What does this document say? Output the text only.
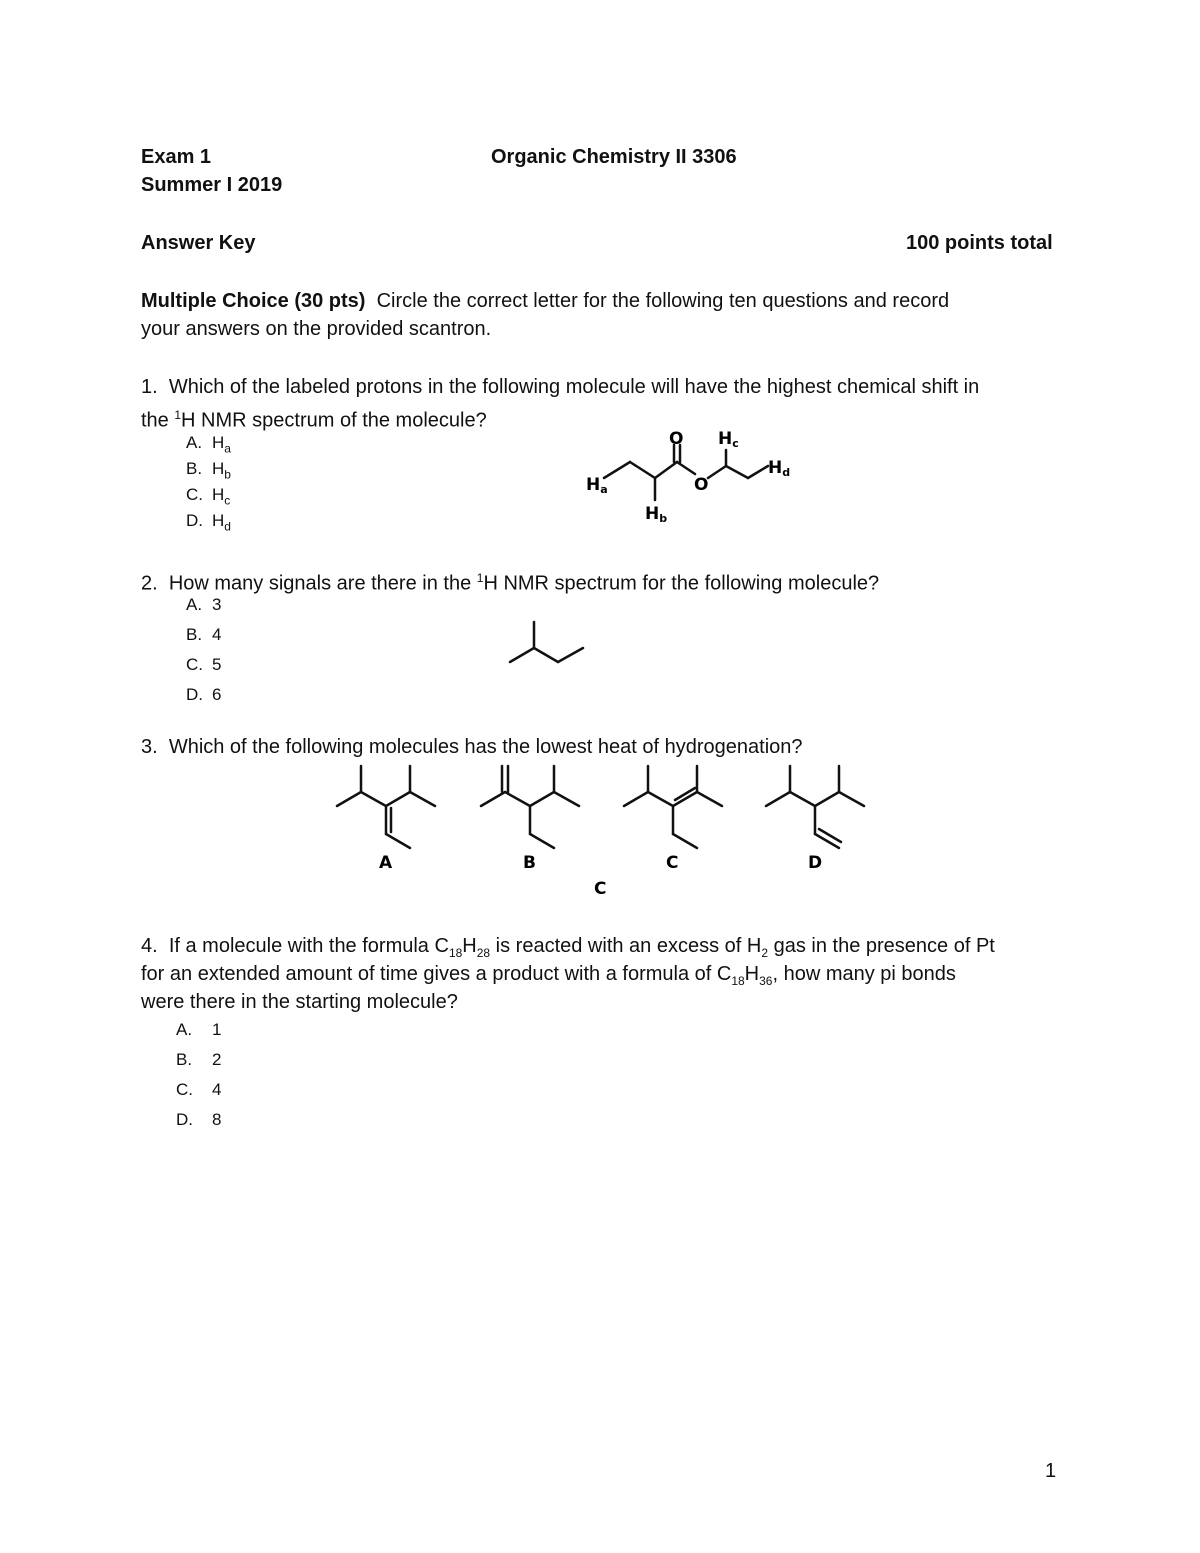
Exam 1	Organic Chemistry II 3306
Summer I 2019
Answer Key	100 points total
Multiple Choice (30 pts) Circle the correct letter for the following ten questions and record
your answers on the provided scantron.
1. Which of the labeled protons in the following molecule will have the highest chemical shift in
the $^1$H NMR spectrum of the molecule?
A. $H_a$
B. $H_b$
C. $H_c$
D. $H_d$
O
O
Ha
Hb
Hc
Hd
2. How many signals are there in the $^1$H NMR spectrum for the following molecule?
A. 3
B. 4
C. 5
D. 6
3. Which of the following molecules has the lowest heat of hydrogenation?
A	B	C	D
C
4. If a molecule with the formula $C_{18}H_{28}$ is reacted with an excess of $H_2$ gas in the presence of Pt
for an extended amount of time gives a product with a formula of $C_{18}H_{36}$, how many pi bonds
were there in the starting molecule?
A. 1
B. 2
C. 4
D. 8
1
